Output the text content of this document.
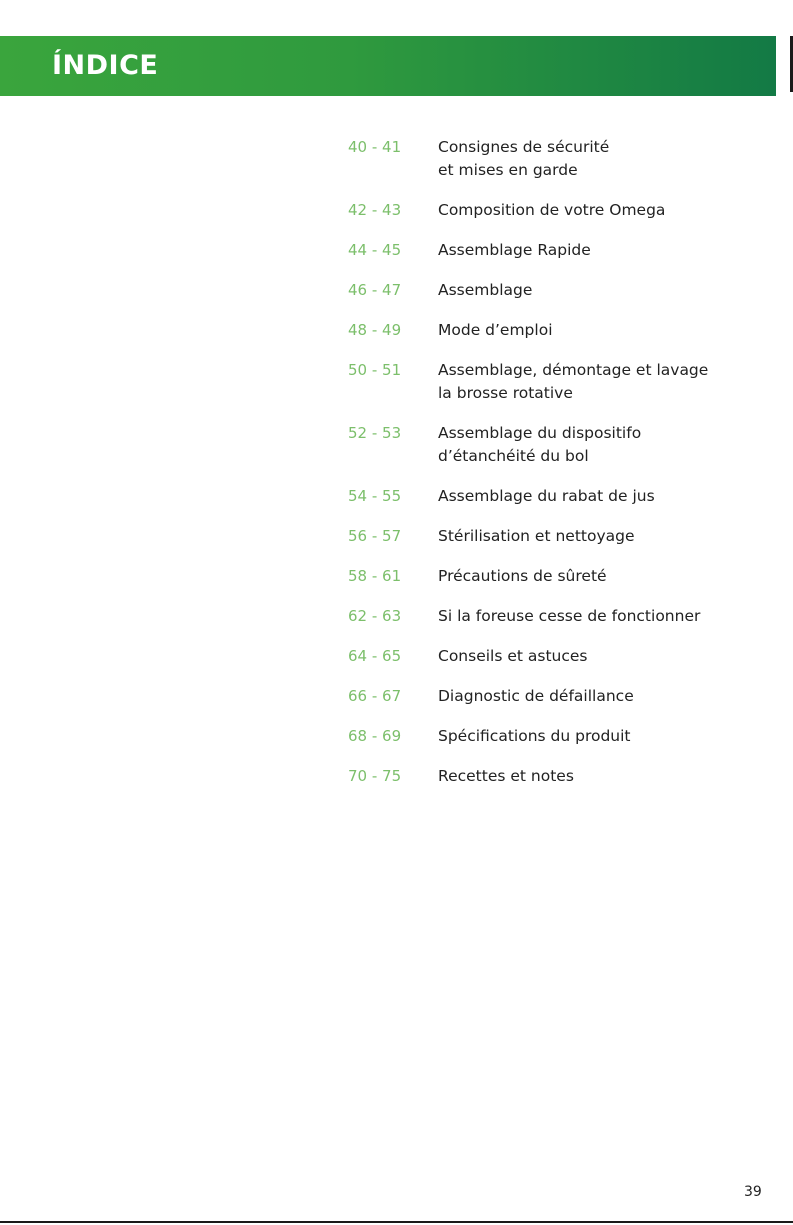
ÍNDICE
40 - 41	Consignes de sécurité
et mises en garde
42 - 43	Composition de votre Omega
44 - 45	Assemblage Rapide
46 - 47	Assemblage
48 - 49	Mode d’emploi
50 - 51	Assemblage, démontage et lavage
la brosse rotative
52 - 53	Assemblage du dispositifo
d’étanchéité du bol
54 - 55	Assemblage du rabat de jus
56 - 57	Stérilisation et nettoyage
58 - 61	Précautions de sûreté
62 - 63	Si la foreuse cesse de fonctionner
64 - 65	Conseils et astuces
66 - 67	Diagnostic de défaillance
68 - 69	Spécifications du produit
70 - 75	Recettes et notes
39
